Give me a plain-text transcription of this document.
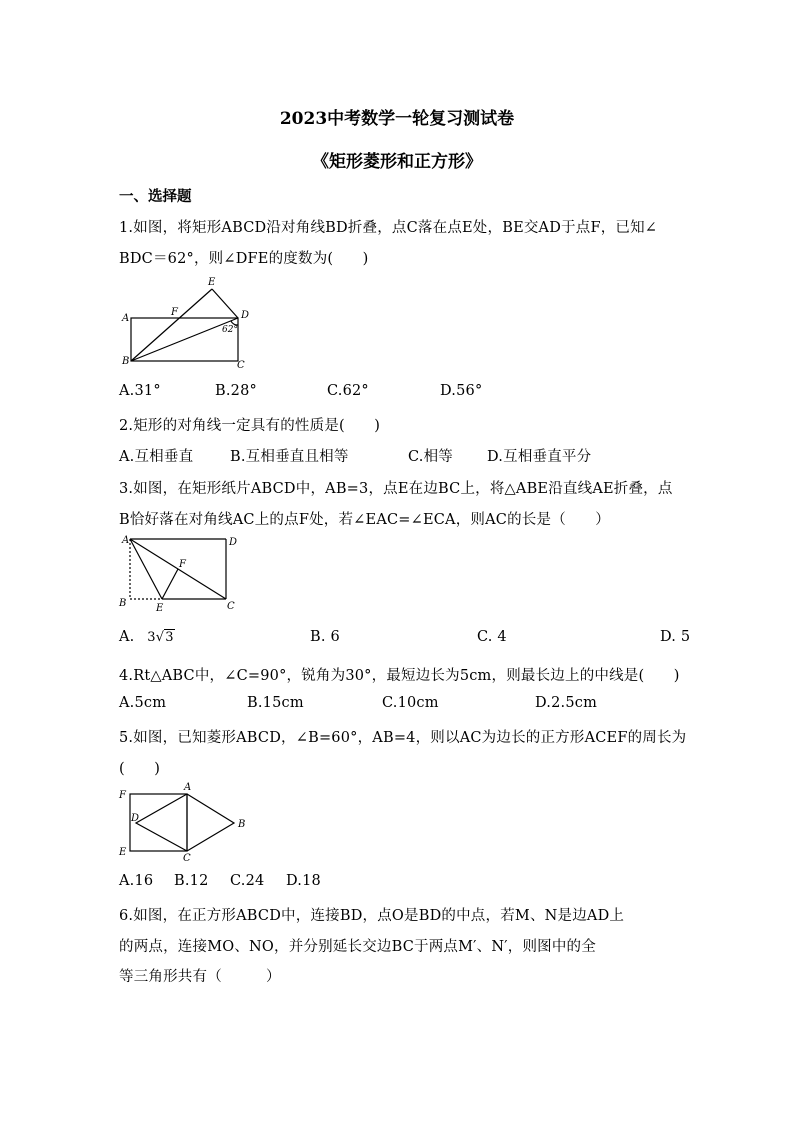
2023中考数学一轮复习测试卷
《矩形菱形和正方形》
一、选择题
1.如图，将矩形ABCD沿对角线BD折叠，点C落在点E处，BE交AD于点F，已知∠
BDC＝62°，则∠DFE的度数为(　　)
A
B	C
D
E
F
62°
A.31°	B.28°	C.62°	D.56°
2.矩形的对角线一定具有的性质是(　　)
A.互相垂直	B.互相垂直且相等	C.相等 D.互相垂直平分
3.如图，在矩形纸片ABCD中，AB=3，点E在边BC上，将△ABE沿直线AE折叠，点
B恰好落在对角线AC上的点F处，若∠EAC=∠ECA，则AC的长是（　　）
A
B	C
D
E
F
A. 3√3	B. 6	C. 4	D. 5
4.Rt△ABC中，∠C=90°，锐角为30°，最短边长为5cm，则最长边上的中线是(　　)
A.5cm	B.15cm	C.10cm	D.2.5cm
5.如图，已知菱形ABCD，∠B=60°，AB=4，则以AC为边长的正方形ACEF的周长为
(　　)
A
B
C
D
E
F
A.16 B.12 C.24 D.18
6.如图，在正方形ABCD中，连接BD，点O是BD的中点，若M、N是边AD上
的两点，连接MO、NO，并分别延长交边BC于两点M′、N′，则图中的全
等三角形共有（　　　）
